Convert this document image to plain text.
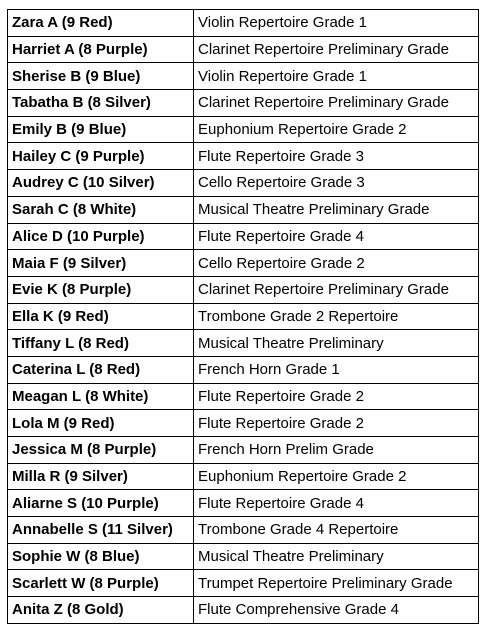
Zara A (9 Red)	Violin Repertoire Grade 1
Harriet A (8 Purple)	Clarinet Repertoire Preliminary Grade
Sherise B (9 Blue)	Violin Repertoire Grade 1
Tabatha B (8 Silver)	Clarinet Repertoire Preliminary Grade
Emily B (9 Blue)	Euphonium Repertoire Grade 2
Hailey C (9 Purple)	Flute Repertoire Grade 3
Audrey C (10 Silver)	Cello Repertoire Grade 3
Sarah C (8 White)	Musical Theatre Preliminary Grade
Alice D (10 Purple)	Flute Repertoire Grade 4
Maia F (9 Silver)	Cello Repertoire Grade 2
Evie K (8 Purple)	Clarinet Repertoire Preliminary Grade
Ella K (9 Red)	Trombone Grade 2 Repertoire
Tiffany L (8 Red)	Musical Theatre Preliminary
Caterina L (8 Red)	French Horn Grade 1
Meagan L (8 White)	Flute Repertoire Grade 2
Lola M (9 Red)	Flute Repertoire Grade 2
Jessica M (8 Purple)	French Horn Prelim Grade
Milla R (9 Silver)	Euphonium Repertoire Grade 2
Aliarne S (10 Purple)	Flute Repertoire Grade 4
Annabelle S (11 Silver)	Trombone Grade 4 Repertoire
Sophie W (8 Blue)	Musical Theatre Preliminary
Scarlett W (8 Purple)	Trumpet Repertoire Preliminary Grade
Anita Z (8 Gold)	Flute Comprehensive Grade 4
